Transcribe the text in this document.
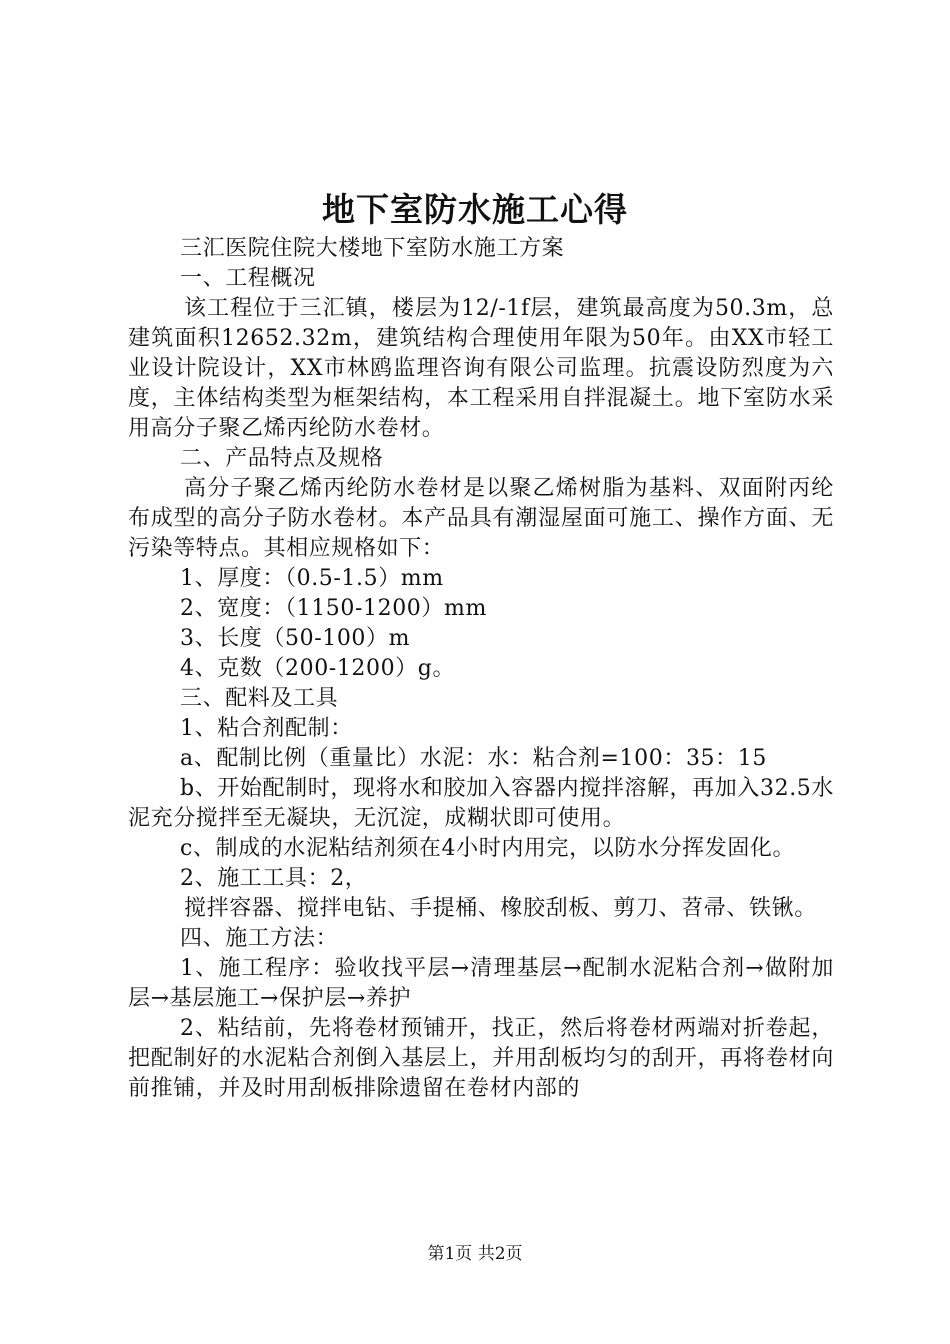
地下室防水施工心得

三汇医院住院大楼地下室防水施工方案

一、工程概况

该工程位于三汇镇，楼层为12/-1f层，建筑最高度为50.3m，总建筑面积12652.32m，建筑结构合理使用年限为50年。由XX市轻工业设计院设计，XX市林鸥监理咨询有限公司监理。抗震设防烈度为六度，主体结构类型为框架结构，本工程采用自拌混凝土。地下室防水采用高分子聚乙烯丙纶防水卷材。

二、产品特点及规格

高分子聚乙烯丙纶防水卷材是以聚乙烯树脂为基料、双面附丙纶布成型的高分子防水卷材。本产品具有潮湿屋面可施工、操作方面、无污染等特点。其相应规格如下：

1、厚度：（0.5-1.5）mm

2、宽度：（1150-1200）mm

3、长度（50-100）m

4、克数（200-1200）g。

三、配料及工具

1、粘合剂配制：

a、配制比例（重量比）水泥：水：粘合剂=100：35：15

b、开始配制时，现将水和胶加入容器内搅拌溶解，再加入32.5水泥充分搅拌至无凝块，无沉淀，成糊状即可使用。

c、制成的水泥粘结剂须在4小时内用完，以防水分挥发固化。

2、施工工具：2，

搅拌容器、搅拌电钻、手提桶、橡胶刮板、剪刀、苕帚、铁锹。

四、施工方法：

1、施工程序：验收找平层→清理基层→配制水泥粘合剂→做附加层→基层施工→保护层→养护

2、粘结前，先将卷材预铺开，找正，然后将卷材两端对折卷起，把配制好的水泥粘合剂倒入基层上，并用刮板均匀的刮开，再将卷材向前推铺，并及时用刮板排除遗留在卷材内部的

第1页 共2页
